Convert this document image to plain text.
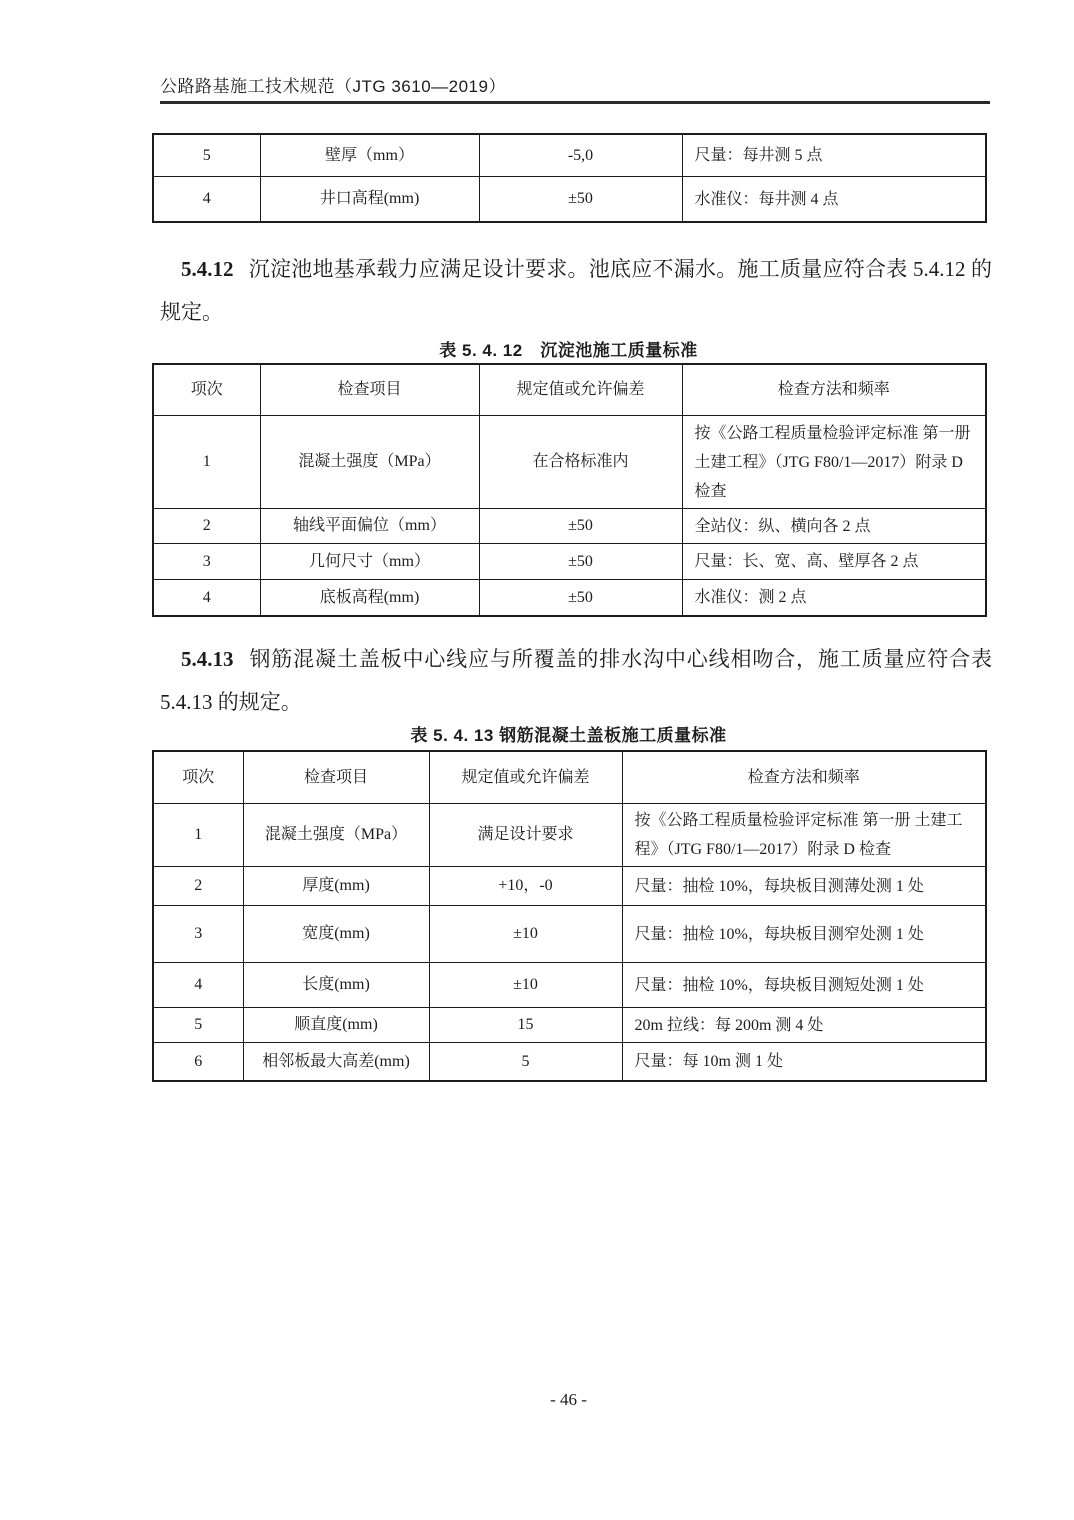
公路路基施工技术规范（JTG 3610—2019）
5	壁厚（mm）	-5,0	尺量：每井测 5 点
4	井口高程(mm)	±50	水准仪：每井测 4 点
5.4.12 沉淀池地基承载力应满足设计要求。池底应不漏水。施工质量应符合表 5.4.12 的规定。
表 5. 4. 12　沉淀池施工质量标准
项次	检查项目	规定值或允许偏差	检查方法和频率
1	混凝土强度（MPa）	在合格标准内	按《公路工程质量检验评定标准 第一册 土建工程》（JTG F80/1—2017）附录 D 检查
2	轴线平面偏位（mm）	±50	全站仪：纵、横向各 2 点
3	几何尺寸（mm）	±50	尺量：长、宽、高、壁厚各 2 点
4	底板高程(mm)	±50	水准仪：测 2 点
5.4.13 钢筋混凝土盖板中心线应与所覆盖的排水沟中心线相吻合，施工质量应符合表 5.4.13 的规定。
表 5. 4. 13 钢筋混凝土盖板施工质量标准
项次	检查项目	规定值或允许偏差	检查方法和频率
1	混凝土强度（MPa）	满足设计要求	按《公路工程质量检验评定标准 第一册 土建工程》（JTG F80/1—2017）附录 D 检查
2	厚度(mm)	+10，-0	尺量：抽检 10%，每块板目测薄处测 1 处
3	宽度(mm)	±10	尺量：抽检 10%，每块板目测窄处测 1 处
4	长度(mm)	±10	尺量：抽检 10%，每块板目测短处测 1 处
5	顺直度(mm)	15	20m 拉线：每 200m 测 4 处
6	相邻板最大高差(mm)	5	尺量：每 10m 测 1 处
- 46 -
